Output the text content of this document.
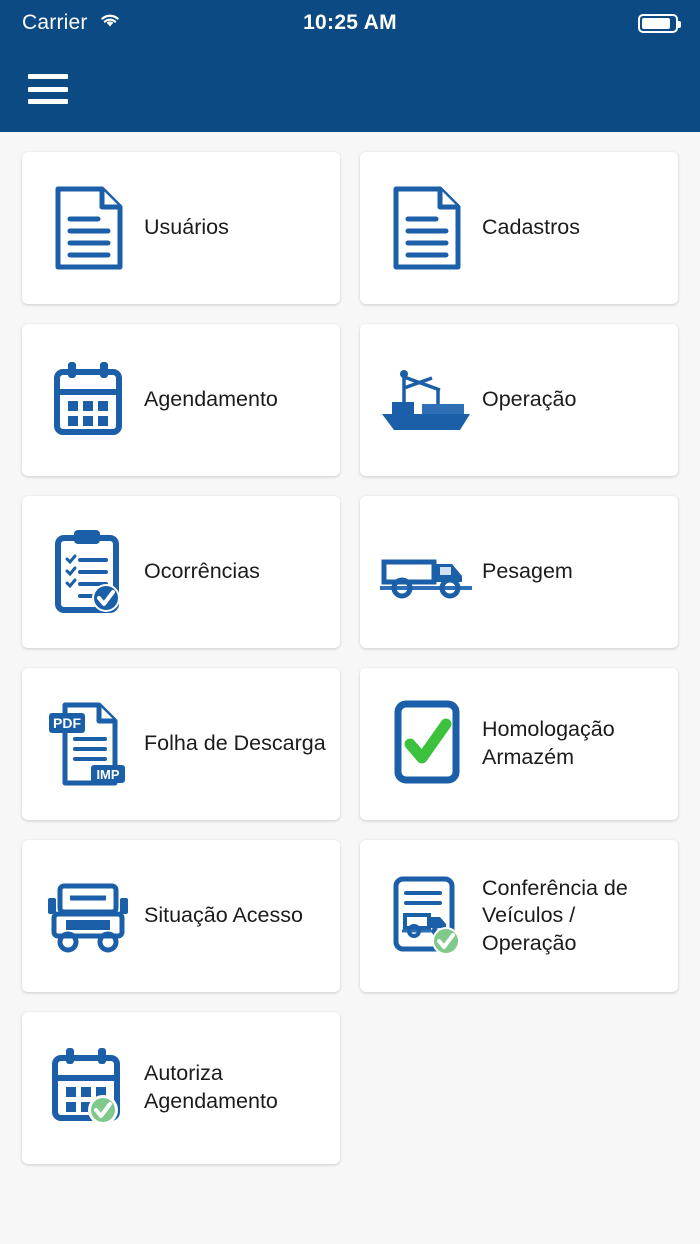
Carrier	10:25 AM
Usuários	Cadastros
Agendamento	Operação
Ocorrências	Pesagem
PDF
IMP
Folha de Descarga
Homologação Armazém
Situação Acesso
Conferência de Veículos / Operação
Autoriza Agendamento
